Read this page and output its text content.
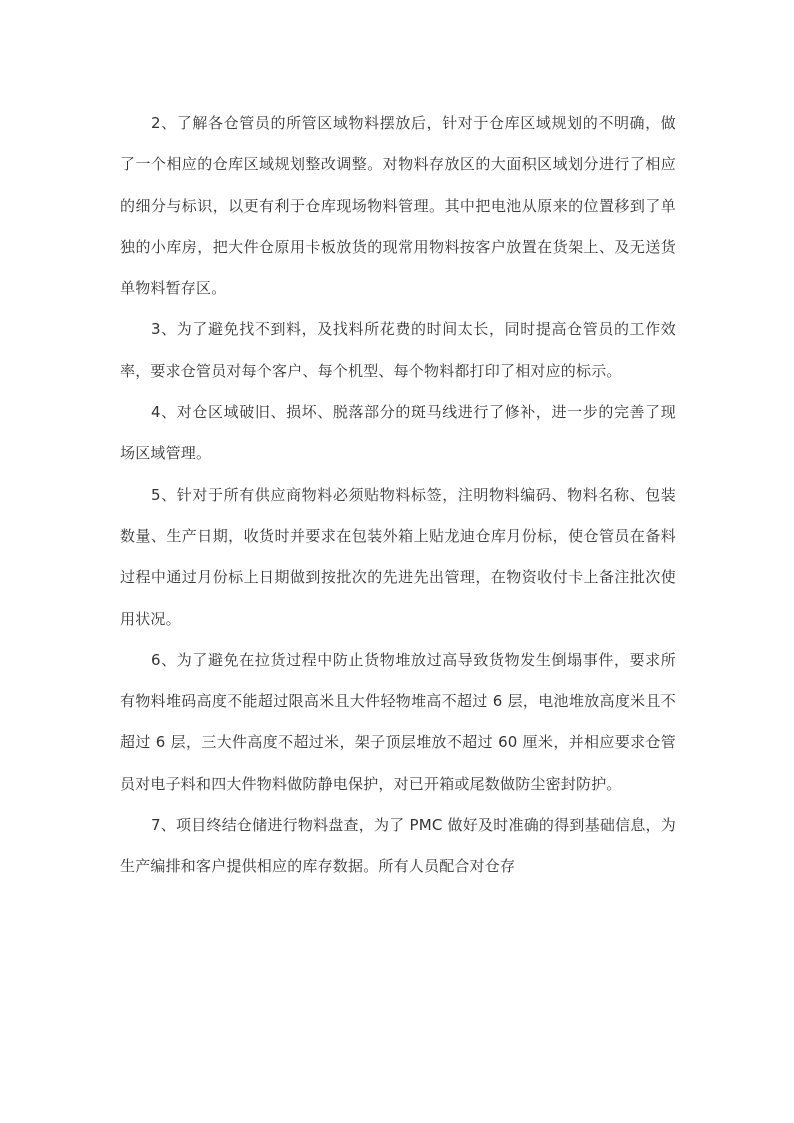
2、了解各仓管员的所管区域物料摆放后，针对于仓库区域规划的不明确，做了一个相应的仓库区域规划整改调整。对物料存放区的大面积区域划分进行了相应的细分与标识，以更有利于仓库现场物料管理。其中把电池从原来的位置移到了单独的小库房，把大件仓原用卡板放货的现常用物料按客户放置在货架上、及无送货单物料暂存区。

3、为了避免找不到料，及找料所花费的时间太长，同时提高仓管员的工作效率，要求仓管员对每个客户、每个机型、每个物料都打印了相对应的标示。

4、对仓区域破旧、损坏、脱落部分的斑马线进行了修补，进一步的完善了现场区域管理。

5、针对于所有供应商物料必须贴物料标签，注明物料编码、物料名称、包装数量、生产日期，收货时并要求在包装外箱上贴龙迪仓库月份标，使仓管员在备料过程中通过月份标上日期做到按批次的先进先出管理，在物资收付卡上备注批次使用状况。

6、为了避免在拉货过程中防止货物堆放过高导致货物发生倒塌事件，要求所有物料堆码高度不能超过限高米且大件轻物堆高不超过 6 层，电池堆放高度米且不超过 6 层，三大件高度不超过米，架子顶层堆放不超过 60 厘米，并相应要求仓管员对电子料和四大件物料做防静电保护，对已开箱或尾数做防尘密封防护。

7、项目终结仓储进行物料盘查，为了 PMC 做好及时准确的得到基础信息，为生产编排和客户提供相应的库存数据。所有人员配合对仓存
